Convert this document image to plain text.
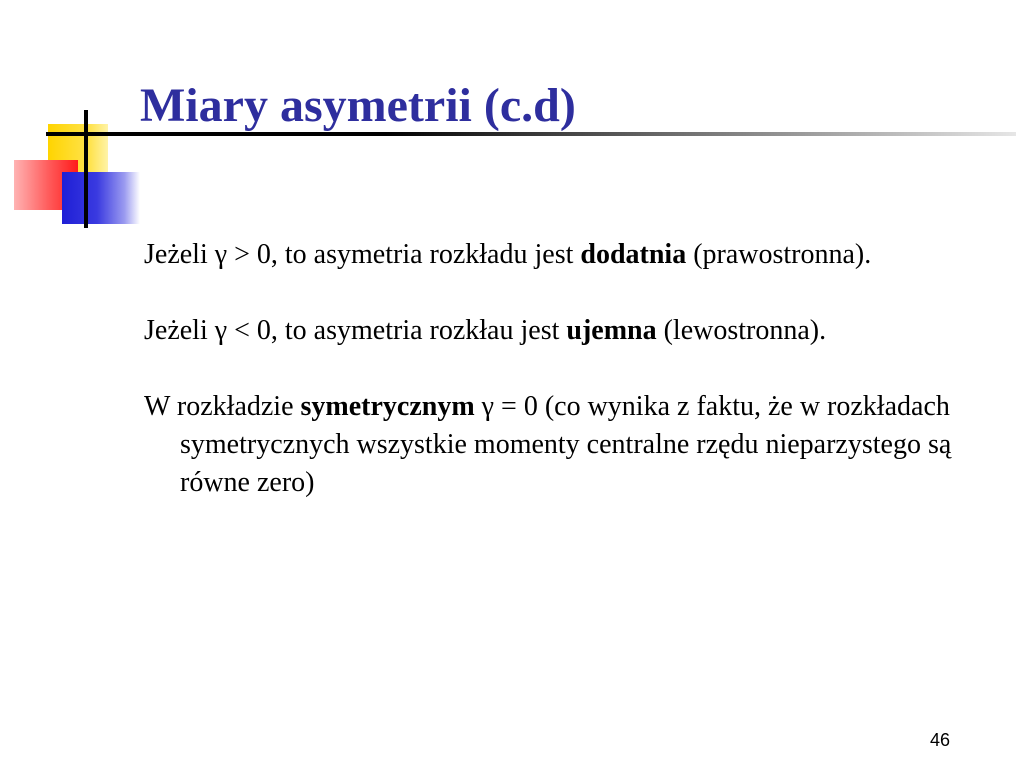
Miary asymetrii (c.d)

Jeżeli γ > 0, to asymetria rozkładu jest dodatnia (prawostronna).

Jeżeli γ < 0, to asymetria rozkłau jest ujemna (lewostronna).

W rozkładzie symetrycznym γ = 0 (co wynika z faktu, że w rozkładach symetrycznych wszystkie momenty centralne rzędu nieparzystego są równe zero)

46
